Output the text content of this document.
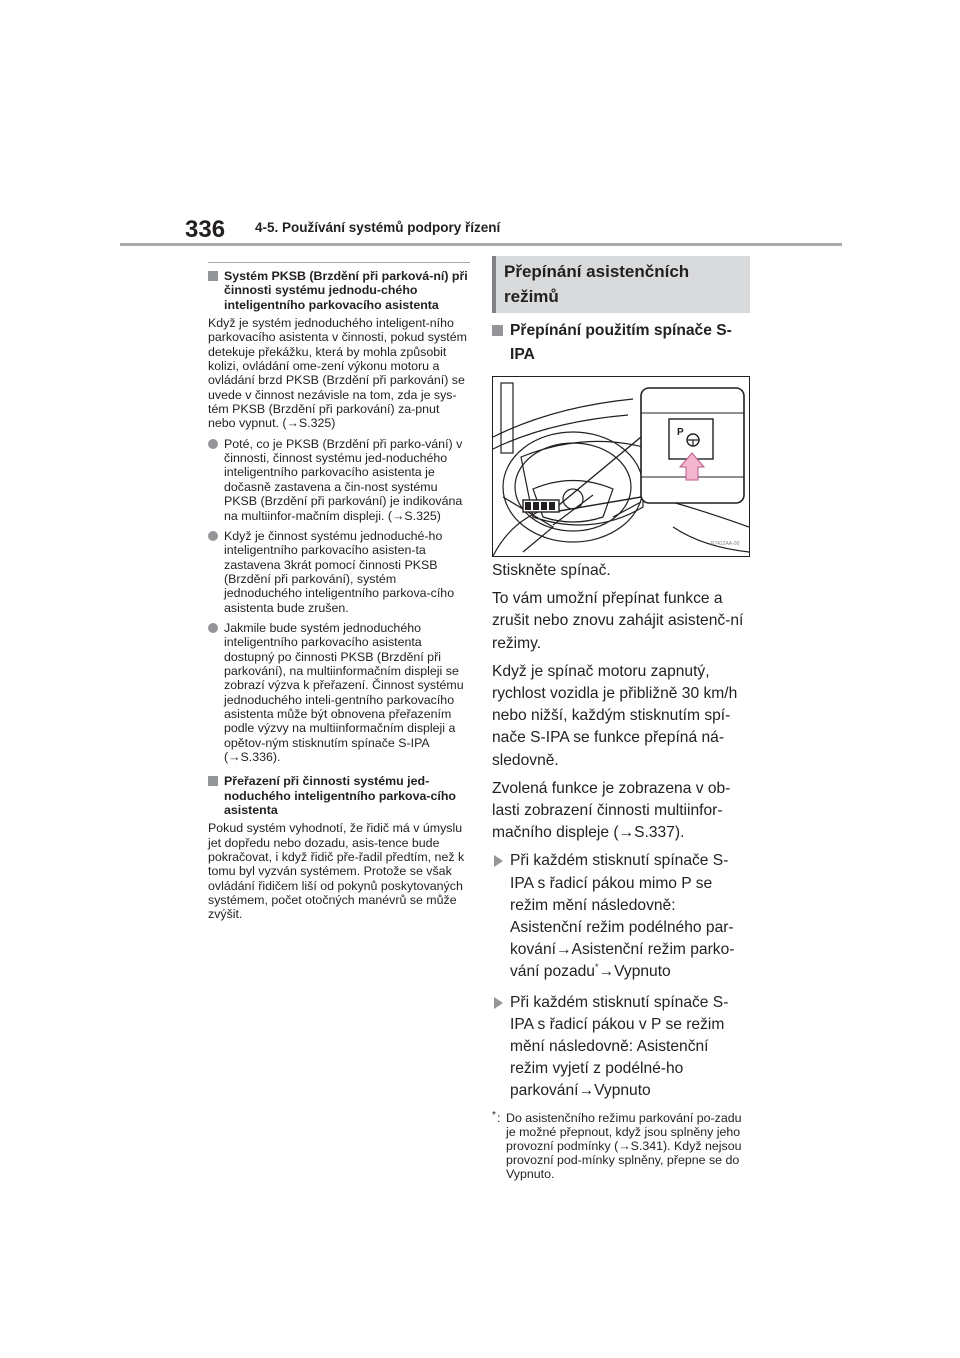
336 4-5. Používání systémů podpory řízení
Systém PKSB (Brzdění při parková-ní) při činnosti systému jednodu-chého inteligentního parkovacího asistenta

Když je systém jednoduchého inteligent-ního parkovacího asistenta v činnosti, pokud systém detekuje překážku, která by mohla způsobit kolizi, ovládání ome-zení výkonu motoru a ovládání brzd PKSB (Brzdění při parkování) se uvede v činnost nezávisle na tom, zda je sys-tém PKSB (Brzdění při parkování) za-pnut nebo vypnut. (→S.325)

Poté, co je PKSB (Brzdění při parko-vání) v činnosti, činnost systému jed-noduchého inteligentního parkovacího asistenta je dočasně zastavena a čin-nost systému PKSB (Brzdění při parkování) je indikována na multiinfor-mačním displeji. (→S.325)
Když je činnost systému jednoduché-ho inteligentního parkovacího asisten-ta zastavena 3krát pomocí činnosti PKSB (Brzdění při parkování), systém jednoduchého inteligentního parkova-cího asistenta bude zrušen.
Jakmile bude systém jednoduchého inteligentního parkovacího asistenta dostupný po činnosti PKSB (Brzdění při parkování), na multiinformačním displeji se zobrazí výzva k přeřazení. Činnost systému jednoduchého inteli-gentního parkovacího asistenta může být obnovena přeřazením podle výzvy na multiinformačním displeji a opětov-ným stisknutím spínače S-IPA (→S.336).
Přeřazení při činnosti systému jed-noduchého inteligentního parkova-cího asistenta

Pokud systém vyhodnotí, že řidič má v úmyslu jet dopředu nebo dozadu, asis-tence bude pokračovat, i když řidič pře-řadil předtím, než k tomu byl vyzván systémem. Protože se však ovládání řidičem liší od pokynů poskytovaných systémem, počet otočných manévrů se může zvýšit.

Přepínání asistenčních režimů
Přepínání použitím spínače S-IPA
P
P7412AA-00

Stiskněte spínač.

To vám umožní přepínat funkce a zrušit nebo znovu zahájit asistenč-ní režimy.

Když je spínač motoru zapnutý, rychlost vozidla je přibližně 30 km/h nebo nižší, každým stisknutím spí-nače S-IPA se funkce přepíná ná-sledovně.

Zvolená funkce je zobrazena v ob-lasti zobrazení činnosti multiinfor-mačního displeje (→S.337).

Při každém stisknutí spínače S-IPA s řadicí pákou mimo P se režim mění následovně: Asistenční režim podélného par-kování→Asistenční režim parko-vání pozadu*→Vypnuto
Při každém stisknutí spínače S-IPA s řadicí pákou v P se režim mění následovně: Asistenční režim vyjetí z podélné-ho parkování→Vypnuto
* : Do asistenčního režimu parkování po-zadu je možné přepnout, když jsou splněny jeho provozní podmínky (→S.341). Když nejsou provozní pod-mínky splněny, přepne se do Vypnuto.
